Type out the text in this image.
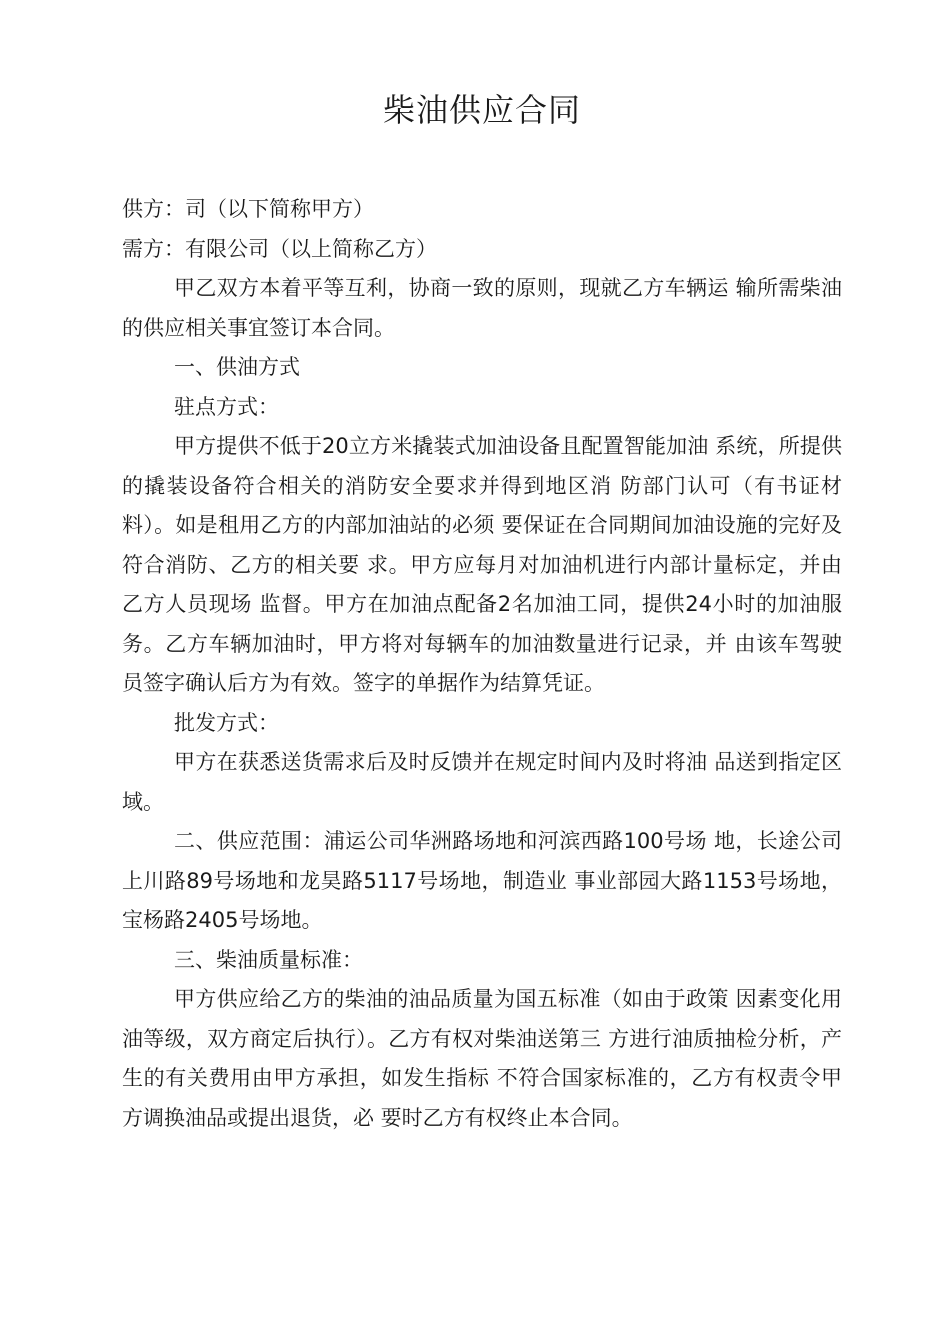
柴油供应合同

供方：司（以下简称甲方）

需方：有限公司（以上简称乙方）

甲乙双方本着平等互利，协商一致的原则，现就乙方车辆运 输所需柴油的供应相关事宜签订本合同。

一、供油方式

驻点方式：

甲方提供不低于20立方米撬装式加油设备且配置智能加油 系统，所提供的撬装设备符合相关的消防安全要求并得到地区消 防部门认可（有书证材料）。如是租用乙方的内部加油站的必须 要保证在合同期间加油设施的完好及符合消防、乙方的相关要 求。甲方应每月对加油机进行内部计量标定，并由乙方人员现场 监督。甲方在加油点配备2名加油工同，提供24小时的加油服 务。乙方车辆加油时，甲方将对每辆车的加油数量进行记录，并 由该车驾驶员签字确认后方为有效。签字的单据作为结算凭证。

批发方式：

甲方在获悉送货需求后及时反馈并在规定时间内及时将油 品送到指定区域。

二、供应范围：浦运公司华洲路场地和河滨西路100号场 地，长途公司上川路89号场地和龙昊路5117号场地，制造业 事业部园大路1153号场地，宝杨路2405号场地。

三、柴油质量标准：

甲方供应给乙方的柴油的油品质量为国五标准（如由于政策 因素变化用油等级，双方商定后执行）。乙方有权对柴油送第三 方进行油质抽检分析，产生的有关费用由甲方承担，如发生指标 不符合国家标准的，乙方有权责令甲方调换油品或提出退货，必 要时乙方有权终止本合同。
